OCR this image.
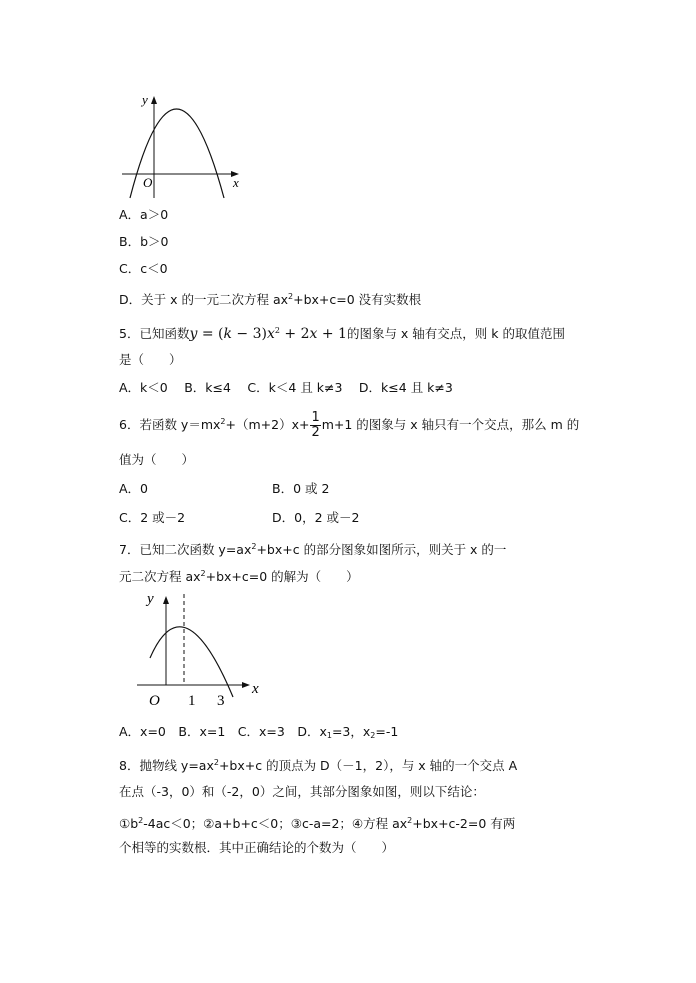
y
x
O
A．a＞0
B．b＞0
C．c＜0
D．关于 x 的一元二次方程 $ax^2+bx+c=0$ 没有实数根
5．已知函数$y = (k - 3)x^2 + 2x + 1$的图象与 x 轴有交点，则 k 的取值范围
是（　　）
A．k＜0　 B．k≤4　 C．k＜4 且 k≠3　 D．k≤4 且 k≠3
6．若函数 $y=mx^2+(m+2)x+ \frac{1}{2} m+1$ 的图象与 x 轴只有一个交点，那么 m 的
值为（　　）
A．0	B．0 或 2
C．2 或－2	D．0，2 或－2
7．已知二次函数 $y=ax^2+bx+c$ 的部分图象如图所示，则关于 x 的一
元二次方程 $ax^2+bx+c=0$ 的解为（　　）
y
x
O 1 3
A．x=0　B．x=1　C．x=3　D．$x_1=3$，$x_2=-1$
8．抛物线 $y=ax^2+bx+c$ 的顶点为 D（－1，2），与 x 轴的一个交点 A
在点（-3，0）和（-2，0）之间，其部分图象如图，则以下结论：
$①b^2-4ac<0$；②a+b+c＜0；③c-a=2；④方程 $ax^2+bx+c-2=0$ 有两
个相等的实数根．其中正确结论的个数为（　　）
